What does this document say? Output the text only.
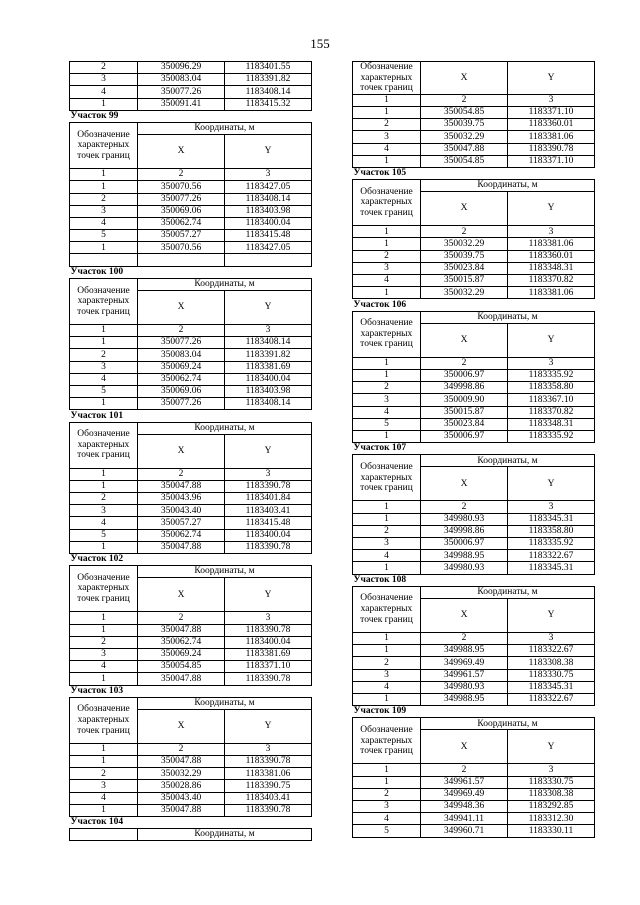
155
2	350096.29	1183401.55
3	350083.04	1183391.82
4	350077.26	1183408.14
1	350091.41	1183415.32
Участок 99		
Обозначение характерных точек границ	Координаты, м	
	X	Y
1	2	3
1	350070.56	1183427.05
2	350077.26	1183408.14
3	350069.06	1183403.98
4	350062.74	1183400.04
5	350057.27	1183415.48
1	350070.56	1183427.05

Участок 100		
Обозначение характерных точек границ	Координаты, м	
	X	Y
1	2	3
1	350077.26	1183408.14
2	350083.04	1183391.82
3	350069.24	1183381.69
4	350062.74	1183400.04
5	350069.06	1183403.98
1	350077.26	1183408.14
Участок 101		
Обозначение характерных точек границ	Координаты, м	
	X	Y
1	2	3
1	350047.88	1183390.78
2	350043.96	1183401.84
3	350043.40	1183403.41
4	350057.27	1183415.48
5	350062.74	1183400.04
1	350047.88	1183390.78
Участок 102		
Обозначение характерных точек границ	Координаты, м	
	X	Y
1	2	3
1	350047.88	1183390.78
2	350062.74	1183400.04
3	350069.24	1183381.69
4	350054.85	1183371.10
1	350047.88	1183390.78
Участок 103		
Обозначение характерных точек границ	Координаты, м	
	X	Y
1	2	3
1	350047.88	1183390.78
2	350032.29	1183381.06
3	350028.86	1183390.75
4	350043.40	1183403.41
1	350047.88	1183390.78
Участок 104		
	Координаты, м	
Обозначение характерных точек границ	X	Y
1	2	3
1	350054.85	1183371.10
2	350039.75	1183360.01
3	350032.29	1183381.06
4	350047.88	1183390.78
1	350054.85	1183371.10
Участок 105		
Обозначение характерных точек границ	Координаты, м	
	X	Y
1	2	3
1	350032.29	1183381.06
2	350039.75	1183360.01
3	350023.84	1183348.31
4	350015.87	1183370.82
1	350032.29	1183381.06
Участок 106		
Обозначение характерных точек границ	Координаты, м	
	X	Y
1	2	3
1	350006.97	1183335.92
2	349998.86	1183358.80
3	350009.90	1183367.10
4	350015.87	1183370.82
5	350023.84	1183348.31
1	350006.97	1183335.92
Участок 107		
Обозначение характерных точек границ	Координаты, м	
	X	Y
1	2	3
1	349980.93	1183345.31
2	349998.86	1183358.80
3	350006.97	1183335.92
4	349988.95	1183322.67
1	349980.93	1183345.31
Участок 108		
Обозначение характерных точек границ	Координаты, м	
	X	Y
1	2	3
1	349988.95	1183322.67
2	349969.49	1183308.38
3	349961.57	1183330.75
4	349980.93	1183345.31
1	349988.95	1183322.67
Участок 109		
Обозначение характерных точек границ	Координаты, м	
	X	Y
1	2	3
1	349961.57	1183330.75
2	349969.49	1183308.38
3	349948.36	1183292.85
4	349941.11	1183312.30
5	349960.71	1183330.11
